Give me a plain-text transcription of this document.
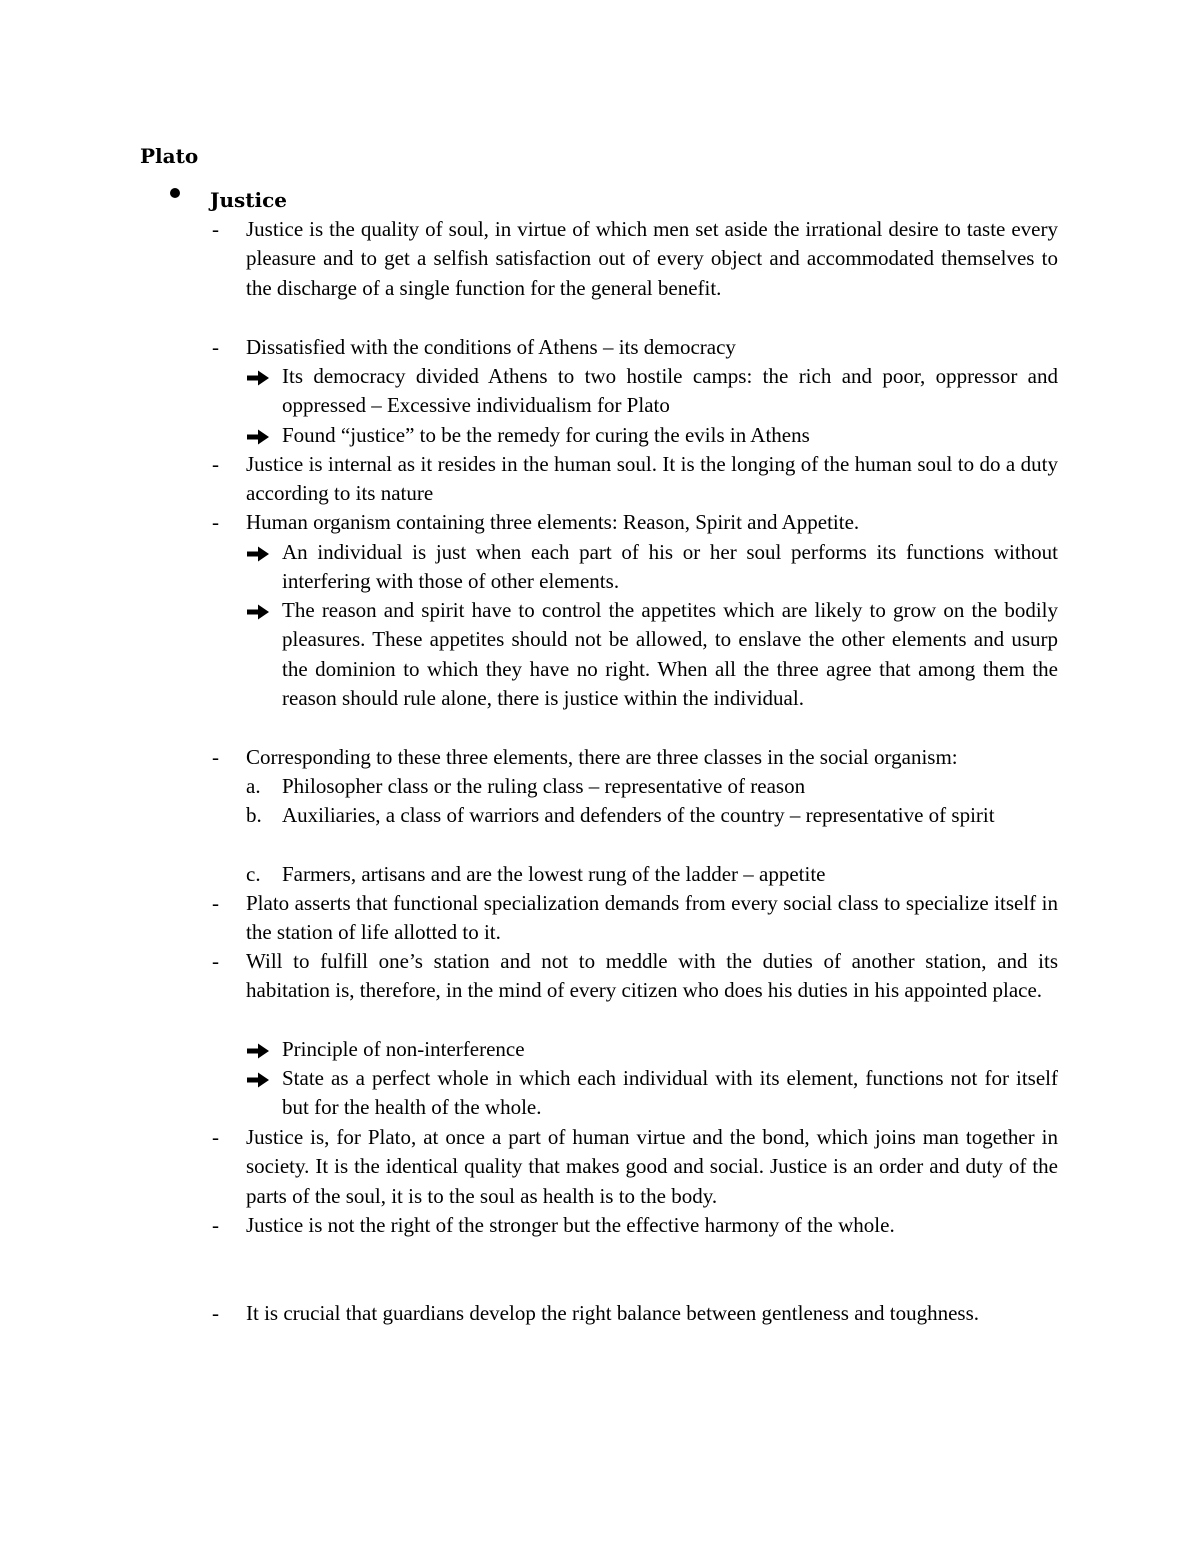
Plato
Justice
- Justice is the quality of soul, in virtue of which men set aside the irrational desire to taste every pleasure and to get a selfish satisfaction out of every object and accommodated themselves to the discharge of a single function for the general benefit.
- Dissatisfied with the conditions of Athens – its democracy
Its democracy divided Athens to two hostile camps: the rich and poor, oppressor and oppressed – Excessive individualism for Plato
Found “justice” to be the remedy for curing the evils in Athens
- Justice is internal as it resides in the human soul. It is the longing of the human soul to do a duty according to its nature
- Human organism containing three elements: Reason, Spirit and Appetite.
An individual is just when each part of his or her soul performs its functions without interfering with those of other elements.
The reason and spirit have to control the appetites which are likely to grow on the bodily pleasures. These appetites should not be allowed, to enslave the other elements and usurp the dominion to which they have no right. When all the three agree that among them the reason should rule alone, there is justice within the individual.
- Corresponding to these three elements, there are three classes in the social organism:
a. Philosopher class or the ruling class – representative of reason
b. Auxiliaries, a class of warriors and defenders of the country – representative of spirit
c. Farmers, artisans and are the lowest rung of the ladder – appetite
- Plato asserts that functional specialization demands from every social class to specialize itself in the station of life allotted to it.
- Will to fulfill one’s station and not to meddle with the duties of another station, and its habitation is, therefore, in the mind of every citizen who does his duties in his appointed place.
Principle of non-interference
State as a perfect whole in which each individual with its element, functions not for itself but for the health of the whole.
- Justice is, for Plato, at once a part of human virtue and the bond, which joins man together in society. It is the identical quality that makes good and social. Justice is an order and duty of the parts of the soul, it is to the soul as health is to the body.
- Justice is not the right of the stronger but the effective harmony of the whole.
- It is crucial that guardians develop the right balance between gentleness and toughness.
